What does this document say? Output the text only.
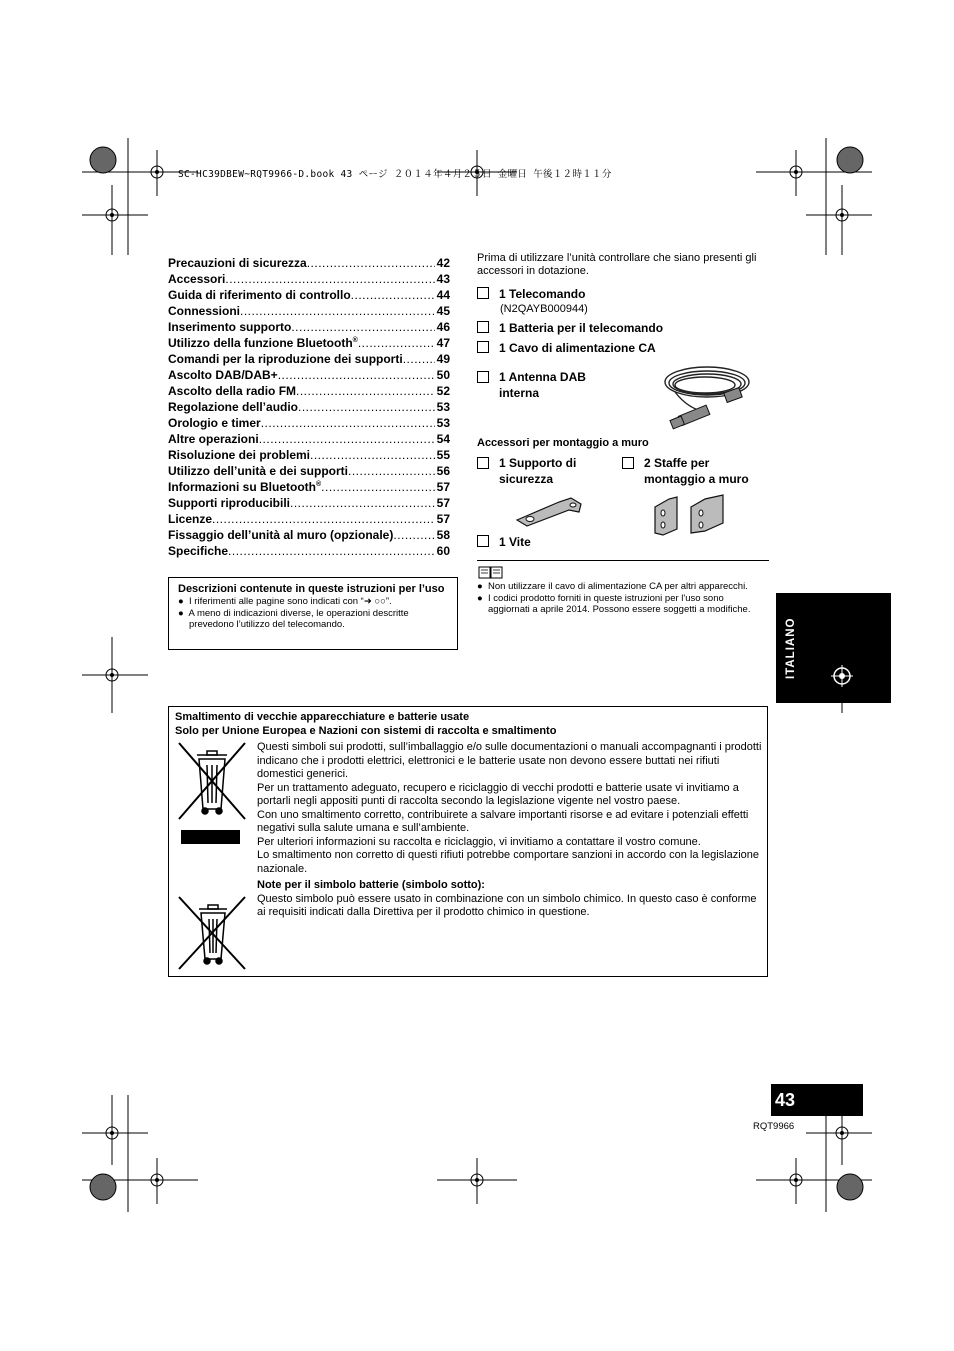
SC-HC39DBEW~RQT9966-D.book 43 ページ ２０１４年４月２５日 金曜日 午後１２時１１分
Precauzioni di sicurezza .....	42
Accessori .....	43
Guida di riferimento di controllo .....	44
Connessioni .....	45
Inserimento supporto .....	46
Utilizzo della funzione Bluetooth® .....	47
Comandi per la riproduzione dei supporti .....	49
Ascolto DAB/DAB+ .....	50
Ascolto della radio FM .....	52
Regolazione dell’audio .....	53
Orologio e timer .....	53
Altre operazioni .....	54
Risoluzione dei problemi .....	55
Utilizzo dell’unità e dei supporti .....	56
Informazioni su Bluetooth® .....	57
Supporti riproducibili .....	57
Licenze .....	57
Fissaggio dell’unità al muro (opzionale) .....	58
Specifiche .....	60
Descrizioni contenute in queste istruzioni per l’uso
●  I riferimenti alle pagine sono indicati con “➜ ○○”.
●  A meno di indicazioni diverse, le operazioni descritte prevedono l’utilizzo del telecomando.
Prima di utilizzare l’unità controllare che siano presenti gli accessori in dotazione.
1 Telecomando
(N2QAYB000944)
1 Batteria per il telecomando
1 Cavo di alimentazione CA
1 Antenna DAB interna
Accessori per montaggio a muro
1 Supporto di sicurezza
2 Staffe per montaggio a muro
1 Vite
●  Non utilizzare il cavo di alimentazione CA per altri apparecchi.
●  I codici prodotto forniti in queste istruzioni per l'uso sono aggiornati a aprile 2014. Possono essere soggetti a modifiche.
ITALIANO
Smaltimento di vecchie apparecchiature e batterie usate
Solo per Unione Europea e Nazioni con sistemi di raccolta e smaltimento

Questi simboli sui prodotti, sull’imballaggio e/o sulle documentazioni o manuali accompagnanti i prodotti indicano che i prodotti elettrici, elettronici e le batterie usate non devono essere buttati nei rifiuti domestici generici.

Per un trattamento adeguato, recupero e riciclaggio di vecchi prodotti e batterie usate vi invitiamo a portarli negli appositi punti di raccolta secondo la legislazione vigente nel vostro paese.

Con uno smaltimento corretto, contribuirete a salvare importanti risorse e ad evitare i potenziali effetti negativi sulla salute umana e sull’ambiente.

Per ulteriori informazioni su raccolta e riciclaggio, vi invitiamo a contattare il vostro comune.

Lo smaltimento non corretto di questi rifiuti potrebbe comportare sanzioni in accordo con la legislazione nazionale.

Note per il simbolo batterie (simbolo sotto):

Questo simbolo può essere usato in combinazione con un simbolo chimico. In questo caso è conforme ai requisiti indicati dalla Direttiva per il prodotto chimico in questione.

43
RQT9966
